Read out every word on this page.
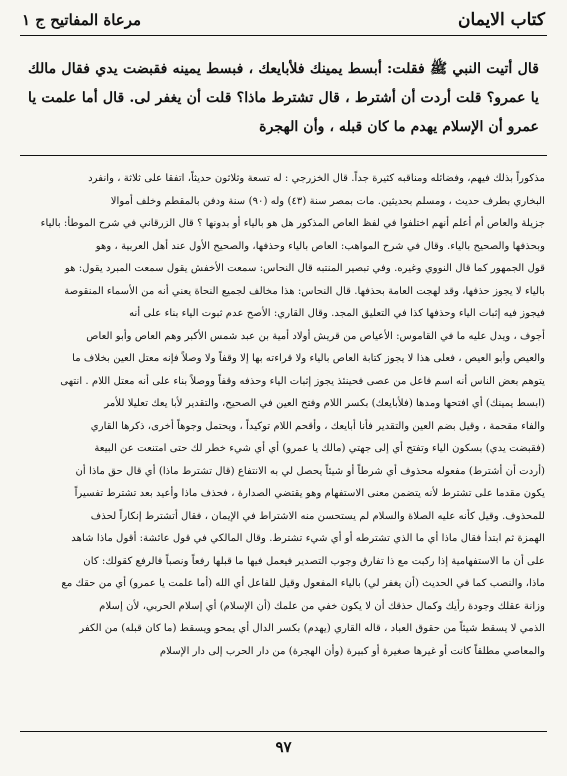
كتاب الايمان
مرعاة المفاتيح ج ١
قال أتيت النبي ﷺ فقلت: أبسط يمينك فلأبايعك ، فبسط يمينه فقبضت يدي فقال مالك يا عمرو؟ قلت أردت أن أشترط ، قال تشترط ماذا؟ قلت أن يغفر لى. قال أما علمت يا عمرو أن الإسلام يهدم ما كان قبله ، وأن الهجرة
مذكوراً بذلك فيهم، وفضائله ومناقبه كثيرة جداً. قال الخزرجي : له تسعة وثلاثون حديثاً، اتفقا على ثلاثة ، وانفرد
البخاري بطرف حديث ، ومسلم بحديثين. مات بمصر سنة (٤٣) وله (٩٠) سنة ودفن بالمقطم وخلف أموالا
جزيلة والعاص أم أعلم أنهم اختلفوا في لفظ العاص المذكور هل هو بالياء أو بدونها ؟ قال الزرقاني في شرح الموطأ: بالياء
وبحذفها والصحيح بالياء. وقال في شرح المواهب: العاص بالياء وحذفها، والصحيح الأول عند أهل العربية ، وهو
قول الجمهور كما قال النووي وغيره. وفي تبصير المنتبه قال النحاس: سمعت الأخفش يقول سمعت المبرد يقول: هو
بالياء لا يجوز حذفها، وقد لهجت العامة بحذفها. قال النحاس: هذا مخالف لجميع النحاة يعني أنه من الأسماء المنقوصة
فيجوز فيه إثبات الياء وحذفها كذا في التعليق المجد. وقال القاري: الأصح عدم ثبوت الياء بناء على أنه
أجوف ، ويدل عليه ما في القاموس: الأعياص من قريش أولاد أمية بن عبد شمس الأكبر وهم العاص وأبو العاص
والعيص وأبو العيص ، فعلى هذا لا يجوز كتابة العاص بالياء ولا قراءته بها إلا وقفاً ولا وصلاً فإنه معتل العين بخلاف ما
يتوهم بعض الناس أنه اسم فاعل من عصى فحينئذ يجوز إثبات الياء وحذفه وقفاً ووصلاً بناء على أنه معتل اللام . انتهى
(ابسط يمينك) أي افتحها ومدها (فلأبايعك) بكسر اللام وفتح العين في الصحيح، والتقدير لأبا يعك تعليلا للأمر
والفاء مقحمة ، وقيل بضم العين والتقدير فأنا أبايعك ، وأقحم اللام توكيداً ، ويحتمل وجوهاً أخرى، ذكرها القاري
(فقبضت يدي) بسكون الياء وتفتح أي إلى جهتي (مالك يا عمرو) أي أي شيء خطر لك حتى امتنعت عن البيعة
(أردت أن أشترط) مفعوله محذوف أي شرطاً أو شيئاً يحصل لي به الانتفاع (قال تشترط ماذا) أي قال حق ماذا أن
يكون مقدما على تشترط لأنه يتضمن معنى الاستفهام وهو يقتضي الصدارة ، فحذف ماذا وأعيد بعد تشترط تفسيراً
للمحذوف. وقيل كأنه عليه الصلاة والسلام لم يستحسن منه الاشتراط في الإيمان ، فقال أتشترط إنكاراً لحذف
الهمزة ثم ابتدأ فقال ماذا أي ما الذي تشترطه أو أي شيء تشترط. وقال المالكي في قول عائشة: أقول ماذا شاهد
على أن ما الاستفهامية إذا ركبت مع ذا تفارق وجوب التصدير فيعمل فيها ما قبلها رفعاً ونصباً فالرفع كقولك: كان
ماذا، والنصب كما في الحديث (أن يغفر لي) بالياء المفعول وقيل للفاعل أي الله (أما علمت يا عمرو) أي من حقك مع
وزانة عقلك وجودة رأيك وكمال حذقك أن لا يكون خفي من علمك (أن الإسلام) أي إسلام الحربي، لأن إسلام
الذمي لا يسقط شيئاً من حقوق العباد ، قاله القاري (يهدم) بكسر الدال أي يمحو ويسقط (ما كان قبله) من الكفر
والمعاصي مطلقاً كانت أو غيرها صغيرة أو كبيرة (وأن الهجرة) من دار الحرب إلى دار الإسلام
٩٧
